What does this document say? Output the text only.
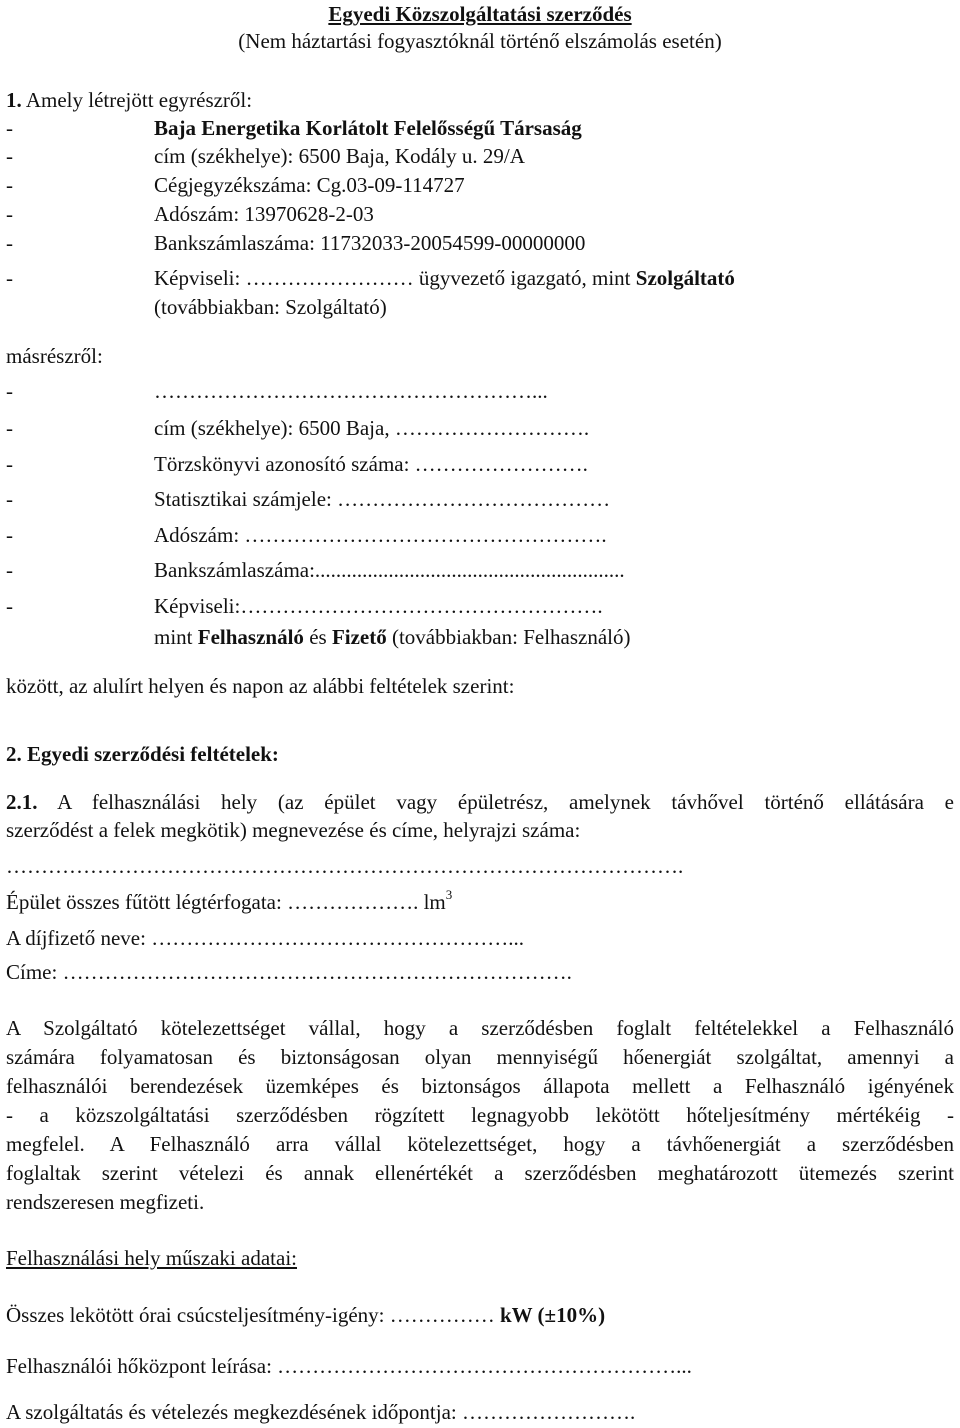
Egyedi Közszolgáltatási szerződés
(Nem háztartási fogyasztóknál történő elszámolás esetén)
1. Amely létrejött egyrészről:
-	Baja Energetika Korlátolt Felelősségű Társaság
-	cím (székhelye): 6500 Baja, Kodály u. 29/A
-	Cégjegyzékszáma: Cg.03-09-114727
-	Adószám: 13970628-2-03
-	Bankszámlaszáma: 11732033-20054599-00000000
-	Képviseli: …………………… ügyvezető igazgató, mint Szolgáltató
(továbbiakban: Szolgáltató)
másrészről:
-	………………………………………………...
-	cím (székhelye): 6500 Baja, ……………………….
-	Törzskönyvi azonosító száma: …………………….
-	Statisztikai számjele: …………………………………
-	Adószám: …………………………………………….
-	Bankszámlaszáma:...........................................................
-	Képviseli:…………………………………………….
mint Felhasználó és Fizető (továbbiakban: Felhasználó)
között, az alulírt helyen és napon az alábbi feltételek szerint:
2. Egyedi szerződési feltételek:
2.1. A felhasználási hely (az épület vagy épületrész, amelynek távhővel történő ellátására e
szerződést a felek megkötik) megnevezése és címe, helyrajzi száma:
…………………………………………………………………………………….
Épület összes fűtött légtérfogata: ………………. $lm^3$
A díjfizető neve: ……………………………………………...
Címe: ……………………………………………………………….
A Szolgáltató kötelezettséget vállal, hogy a szerződésben foglalt feltételekkel a Felhasználó
számára folyamatosan és biztonságosan olyan mennyiségű hőenergiát szolgáltat, amennyi a
felhasználói berendezések üzemképes és biztonságos állapota mellett a Felhasználó igényének
- a közszolgáltatási szerződésben rögzített legnagyobb lekötött hőteljesítmény mértékéig -
megfelel. A Felhasználó arra vállal kötelezettséget, hogy a távhőenergiát a szerződésben
foglaltak szerint vételezi és annak ellenértékét a szerződésben meghatározott ütemezés szerint
rendszeresen megfizeti.
Felhasználási hely műszaki adatai:
Összes lekötött órai csúcsteljesítmény-igény: …………… kW (±10%)
Felhasználói hőközpont leírása: …………………………………………………...
A szolgáltatás és vételezés megkezdésének időpontja: …………………….
